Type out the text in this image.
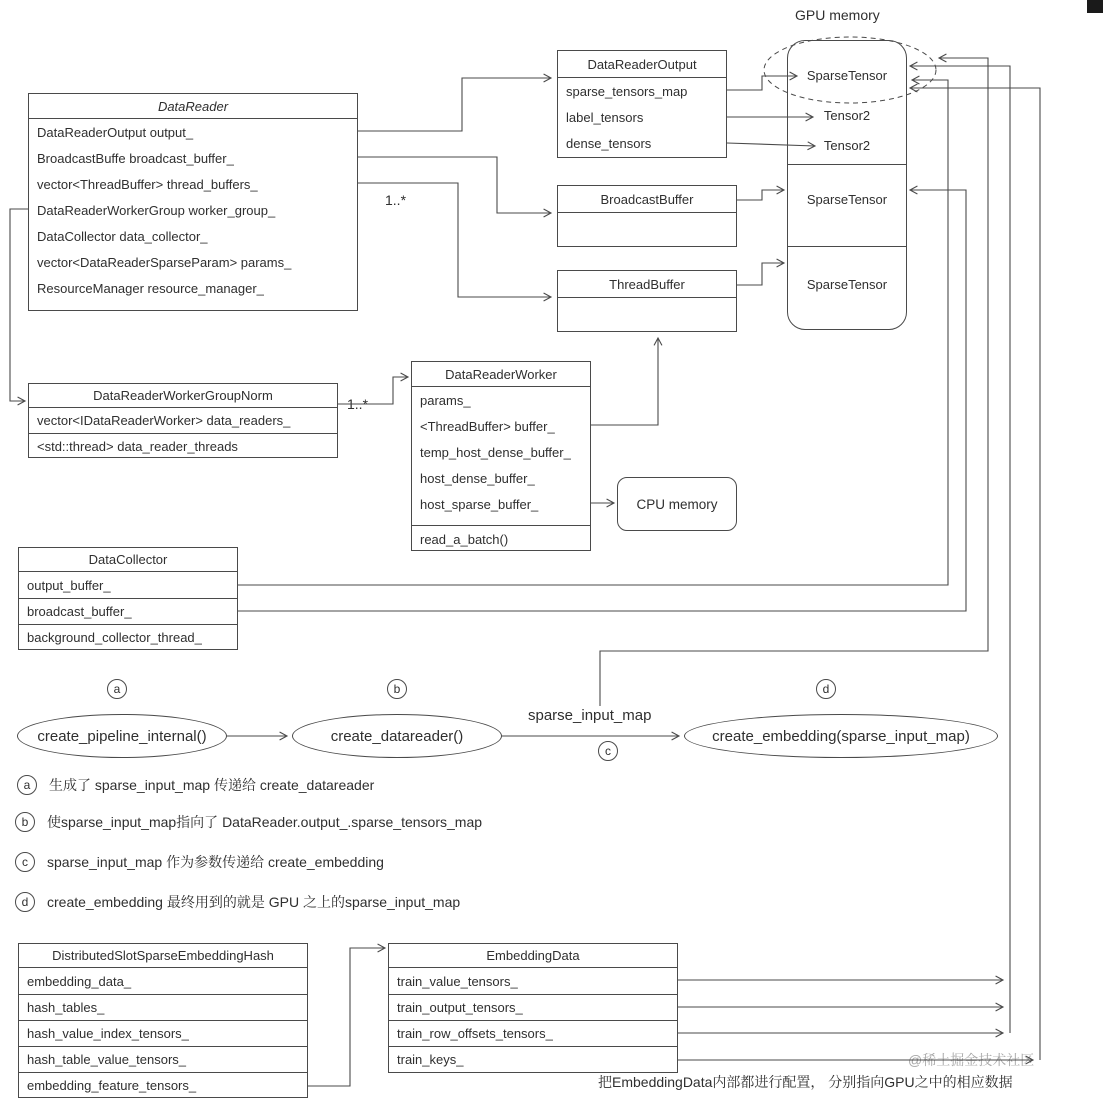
DataReader
DataReaderOutput output_
BroadcastBuffe broadcast_buffer_
vector<ThreadBuffer> thread_buffers_
DataReaderWorkerGroup worker_group_
DataCollector data_collector_
vector<DataReaderSparseParam> params_
ResourceManager resource_manager_
DataReaderOutput
sparse_tensors_map
label_tensors
dense_tensors
BroadcastBuffer
ThreadBuffer
GPU memory
SparseTensor
Tensor2
Tensor2
SparseTensor
SparseTensor
1..*
1..*
DataReaderWorkerGroupNorm
vector<IDataReaderWorker> data_readers_
<std::thread> data_reader_threads
DataReaderWorker
params_
<ThreadBuffer> buffer_
temp_host_dense_buffer_
host_dense_buffer_
host_sparse_buffer_
read_a_batch()
CPU memory
DataCollector
output_buffer_
broadcast_buffer_
background_collector_thread_
a	b	d
c
create_pipeline_internal()	create_datareader()	create_embedding(sparse_input_map)
sparse_input_map
a	生成了 sparse_input_map 传递给 create_datareader
b	使sparse_input_map指向了 DataReader.output_.sparse_tensors_map
c	sparse_input_map 作为参数传递给 create_embedding
d	create_embedding 最终用到的就是 GPU 之上的sparse_input_map
DistributedSlotSparseEmbeddingHash
embedding_data_
hash_tables_
hash_value_index_tensors_
hash_table_value_tensors_
embedding_feature_tensors_
EmbeddingData
train_value_tensors_
train_output_tensors_
train_row_offsets_tensors_
train_keys_
把EmbeddingData内部都进行配置， 分别指向GPU之中的相应数据
@稀土掘金技术社区
